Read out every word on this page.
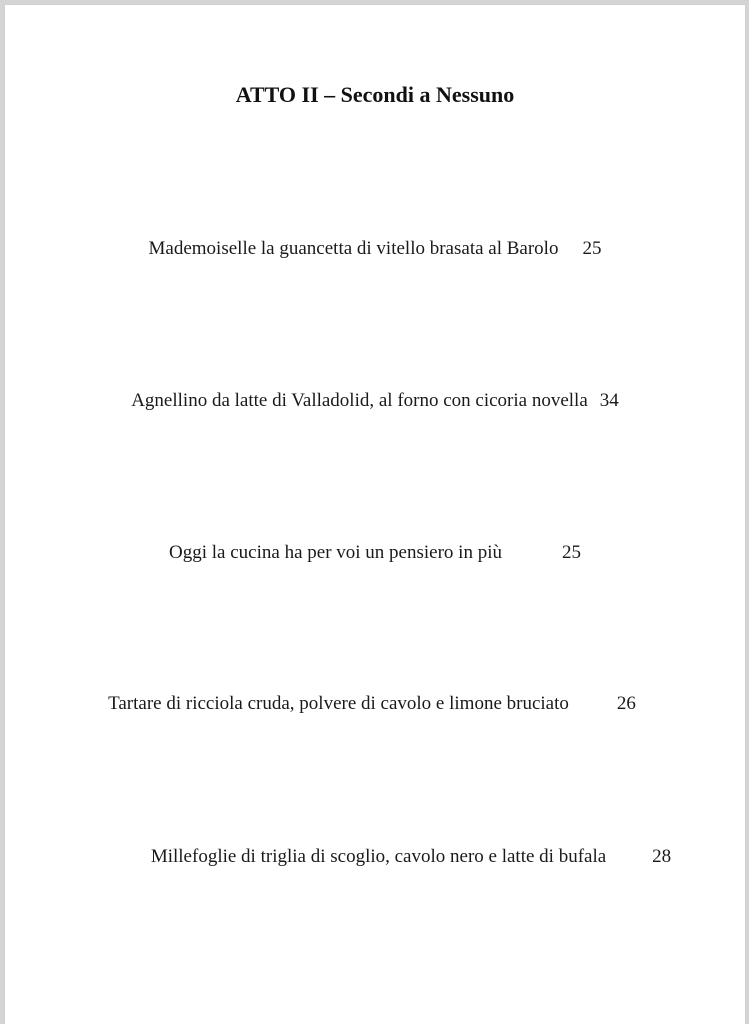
ATTO II – Secondi a Nessuno
Mademoiselle la guancetta di vitello brasata al Barolo 25
Agnellino da latte di Valladolid, al forno con cicoria novella 34
Oggi la cucina ha per voi un pensiero in più	25
Tartare di ricciola cruda, polvere di cavolo e limone bruciato	26
Millefoglie di triglia di scoglio, cavolo nero e latte di bufala 28
